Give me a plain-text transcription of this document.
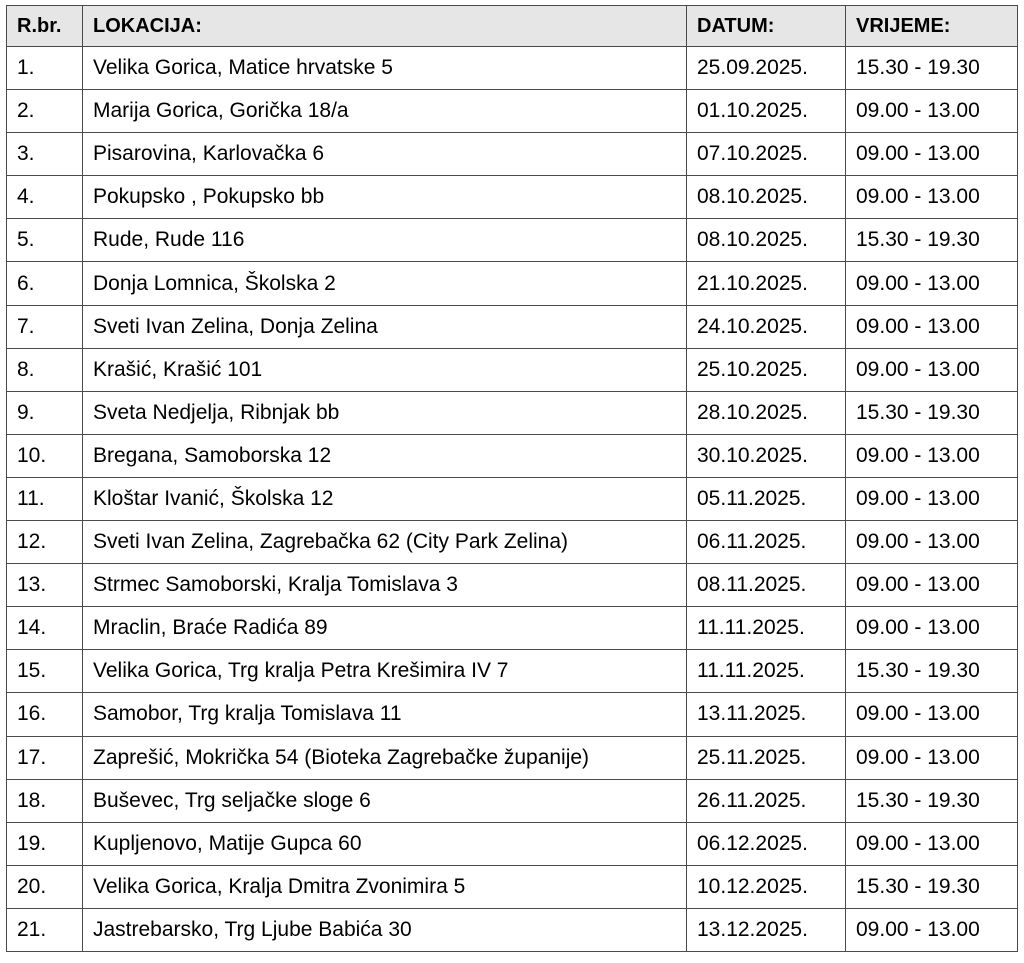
R.br.	LOKACIJA:	DATUM:	VRIJEME:
1.	Velika Gorica, Matice hrvatske 5	25.09.2025.	15.30 - 19.30
2.	Marija Gorica, Gorička 18/a	01.10.2025.	09.00 - 13.00
3.	Pisarovina, Karlovačka 6	07.10.2025.	09.00 - 13.00
4.	Pokupsko , Pokupsko bb	08.10.2025.	09.00 - 13.00
5.	Rude, Rude 116	08.10.2025.	15.30 - 19.30
6.	Donja Lomnica, Školska 2	21.10.2025.	09.00 - 13.00
7.	Sveti Ivan Zelina, Donja Zelina	24.10.2025.	09.00 - 13.00
8.	Krašić, Krašić 101	25.10.2025.	09.00 - 13.00
9.	Sveta Nedjelja, Ribnjak bb	28.10.2025.	15.30 - 19.30
10.	Bregana, Samoborska 12	30.10.2025.	09.00 - 13.00
11.	Kloštar Ivanić, Školska 12	05.11.2025.	09.00 - 13.00
12.	Sveti Ivan Zelina, Zagrebačka 62 (City Park Zelina)	06.11.2025.	09.00 - 13.00
13.	Strmec Samoborski, Kralja Tomislava 3	08.11.2025.	09.00 - 13.00
14.	Mraclin, Braće Radića 89	11.11.2025.	09.00 - 13.00
15.	Velika Gorica, Trg kralja Petra Krešimira IV 7	11.11.2025.	15.30 - 19.30
16.	Samobor, Trg kralja Tomislava 11	13.11.2025.	09.00 - 13.00
17.	Zaprešić, Mokrička 54 (Bioteka Zagrebačke županije)	25.11.2025.	09.00 - 13.00
18.	Buševec, Trg seljačke sloge 6	26.11.2025.	15.30 - 19.30
19.	Kupljenovo, Matije Gupca 60	06.12.2025.	09.00 - 13.00
20.	Velika Gorica, Kralja Dmitra Zvonimira 5	10.12.2025.	15.30 - 19.30
21.	Jastrebarsko, Trg Ljube Babića 30	13.12.2025.	09.00 - 13.00
